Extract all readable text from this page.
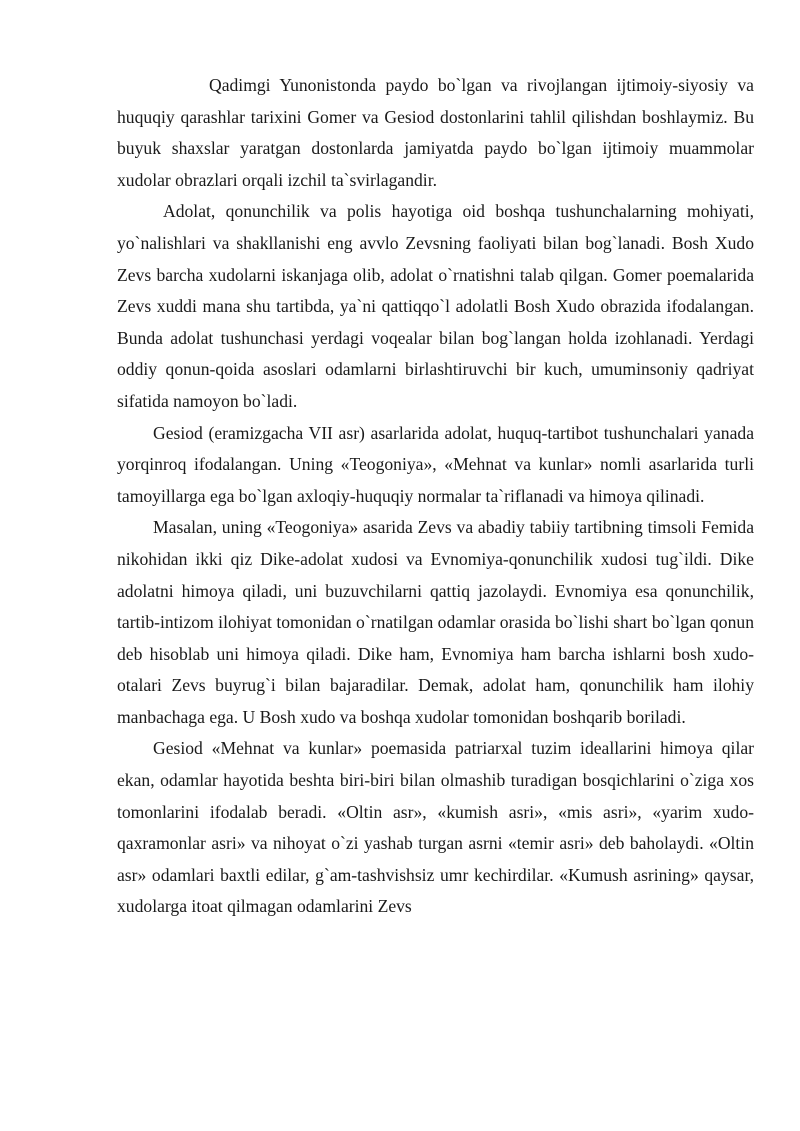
Qadimgi Yunonistonda paydo bo`lgan va rivojlangan ijtimoiy-siyosiy va huquqiy qarashlar tarixini Gomer va Gesiod dostonlarini tahlil qilishdan boshlaymiz. Bu buyuk shaxslar yaratgan dostonlarda jamiyatda paydo bo`lgan ijtimoiy muammolar xudolar obrazlari orqali izchil ta`svirlagandir.

Adolat, qonunchilik va polis hayotiga oid boshqa tushunchalarning mohiyati, yo`nalishlari va shakllanishi eng avvlo Zevsning faoliyati bilan bog`lanadi. Bosh Xudo Zevs barcha xudolarni iskanjaga olib, adolat o`rnatishni talab qilgan. Gomer poemalarida Zevs xuddi mana shu tartibda, ya`ni qattiqqo`l adolatli Bosh Xudo obrazida ifodalangan. Bunda adolat tushunchasi yerdagi voqealar bilan bog`langan holda izohlanadi. Yerdagi oddiy qonun-qoida asoslari odamlarni birlashtiruvchi bir kuch, umuminsoniy qadriyat sifatida namoyon bo`ladi.

Gesiod (eramizgacha VII asr) asarlarida adolat, huquq-tartibot tushunchalari yanada yorqinroq ifodalangan. Uning «Teogoniya», «Mehnat va kunlar» nomli asarlarida turli tamoyillarga ega bo`lgan axloqiy-huquqiy normalar ta`riflanadi va himoya qilinadi.

Masalan, uning «Teogoniya» asarida Zevs va abadiy tabiiy tartibning timsoli Femida nikohidan ikki qiz Dike-adolat xudosi va Evnomiya-qonunchilik xudosi tug`ildi. Dike adolatni himoya qiladi, uni buzuvchilarni qattiq jazolaydi. Evnomiya esa qonunchilik, tartib-intizom ilohiyat tomonidan o`rnatilgan odamlar orasida bo`lishi shart bo`lgan qonun deb hisoblab uni himoya qiladi. Dike ham, Evnomiya ham barcha ishlarni bosh xudo-otalari Zevs buyrug`i bilan bajaradilar. Demak, adolat ham, qonunchilik ham ilohiy manbachaga ega. U Bosh xudo va boshqa xudolar tomonidan boshqarib boriladi.

Gesiod «Mehnat va kunlar» poemasida patriarxal tuzim ideallarini himoya qilar ekan, odamlar hayotida beshta biri-biri bilan olmashib turadigan bosqichlarini o`ziga xos tomonlarini ifodalab beradi. «Oltin asr», «kumish asri», «mis asri», «yarim xudo-qaxramonlar asri» va nihoyat o`zi yashab turgan asrni «temir asri» deb baholaydi. «Oltin asr» odamlari baxtli edilar, g`am-tashvishsiz umr kechirdilar. «Kumush asrining» qaysar, xudolarga itoat qilmagan odamlarini Zevs
